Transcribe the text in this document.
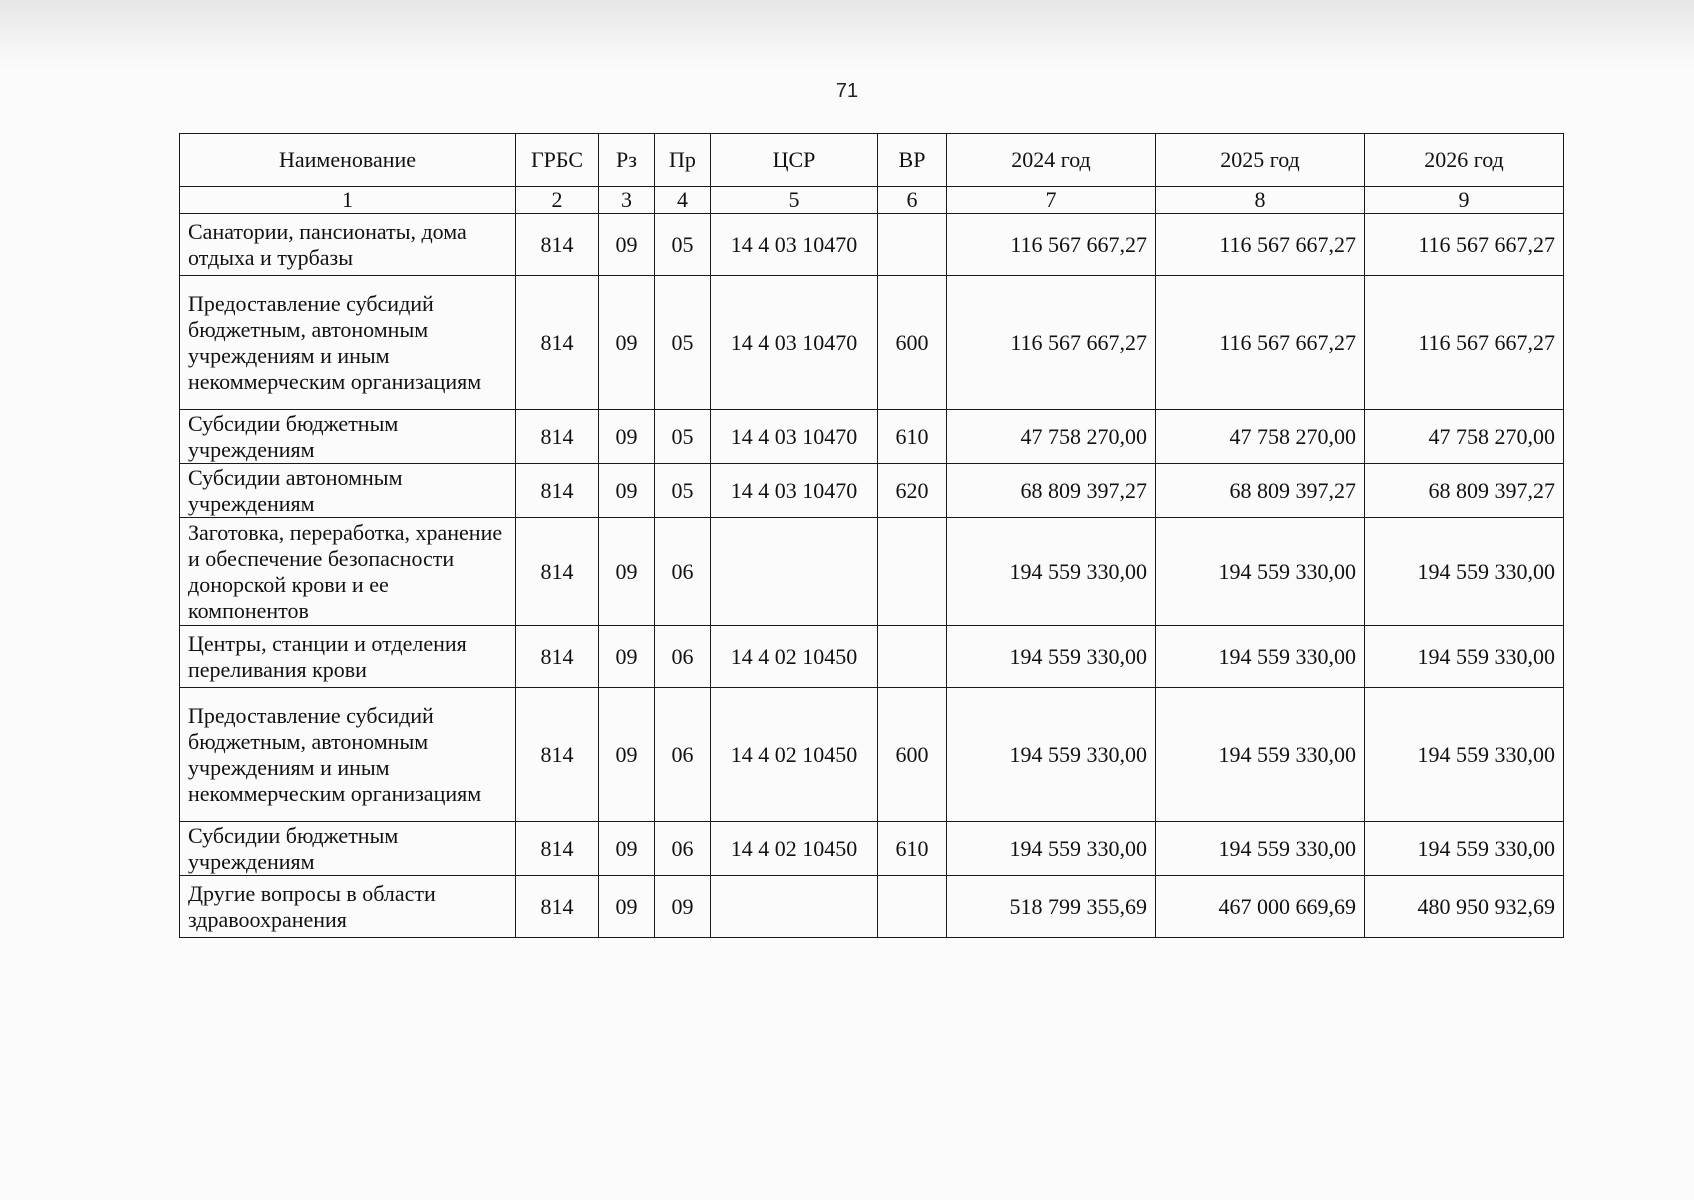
71
Наименование	ГРБС	Рз	Пр	ЦСР	ВР	2024 год	2025 год	2026 год
1	2	3	4	5	6	7	8	9
Санатории, пансионаты, дома отдыха и турбазы	814	09	05	14 4 03 10470		116 567 667,27	116 567 667,27	116 567 667,27
Предоставление субсидий бюджетным, автономным учреждениям и иным некоммерческим организациям	814	09	05	14 4 03 10470	600	116 567 667,27	116 567 667,27	116 567 667,27
Субсидии бюджетным учреждениям	814	09	05	14 4 03 10470	610	47 758 270,00	47 758 270,00	47 758 270,00
Субсидии автономным учреждениям	814	09	05	14 4 03 10470	620	68 809 397,27	68 809 397,27	68 809 397,27
Заготовка, переработка, хранение и обеспечение безопасности донорской крови и ее компонентов	814	09	06			194 559 330,00	194 559 330,00	194 559 330,00
Центры, станции и отделения переливания крови	814	09	06	14 4 02 10450		194 559 330,00	194 559 330,00	194 559 330,00
Предоставление субсидий бюджетным, автономным учреждениям и иным некоммерческим организациям	814	09	06	14 4 02 10450	600	194 559 330,00	194 559 330,00	194 559 330,00
Субсидии бюджетным учреждениям	814	09	06	14 4 02 10450	610	194 559 330,00	194 559 330,00	194 559 330,00
Другие вопросы в области здравоохранения	814	09	09			518 799 355,69	467 000 669,69	480 950 932,69
